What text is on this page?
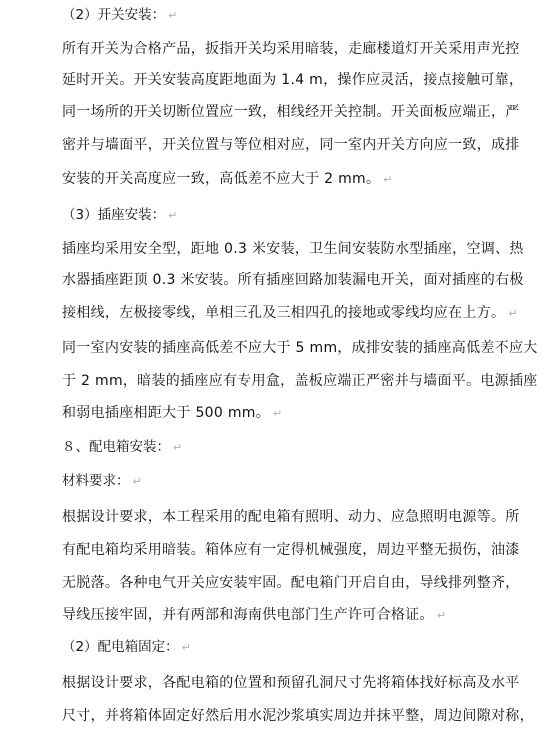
（2）开关安装： ↵
所有开关为合格产品，扳指开关均采用暗装，走廊楼道灯开关采用声光控
延时开关。开关安装高度距地面为 1.4 m，操作应灵活，接点接触可靠，
同一场所的开关切断位置应一致，相线经开关控制。开关面板应端正，严
密并与墙面平，开关位置与等位相对应，同一室内开关方向应一致，成排
安装的开关高度应一致，高低差不应大于 2 mm。 ↵
（3）插座安装： ↵
插座均采用安全型，距地 0.3 米安装，卫生间安装防水型插座，空调、热
水器插座距顶 0.3 米安装。所有插座回路加装漏电开关，面对插座的右极
接相线，左极接零线，单相三孔及三相四孔的接地或零线均应在上方。 ↵
同一室内安装的插座高低差不应大于 5 mm，成排安装的插座高低差不应大
于 2 mm，暗装的插座应有专用盒，盖板应端正严密并与墙面平。电源插座
和弱电插座相距大于 500 mm。 ↵
８、配电箱安装： ↵
材料要求： ↵
根据设计要求，本工程采用的配电箱有照明、动力、应急照明电源等。所
有配电箱均采用暗装。箱体应有一定得机械强度，周边平整无损伤，油漆
无脱落。各种电气开关应安装牢固。配电箱门开启自由，导线排列整齐，
导线压接牢固，并有两部和海南供电部门生产许可合格证。 ↵
（2）配电箱固定： ↵
根据设计要求，各配电箱的位置和预留孔洞尺寸先将箱体找好标高及水平
尺寸，并将箱体固定好然后用水泥沙浆填实周边并抹平整，周边间隙对称，
